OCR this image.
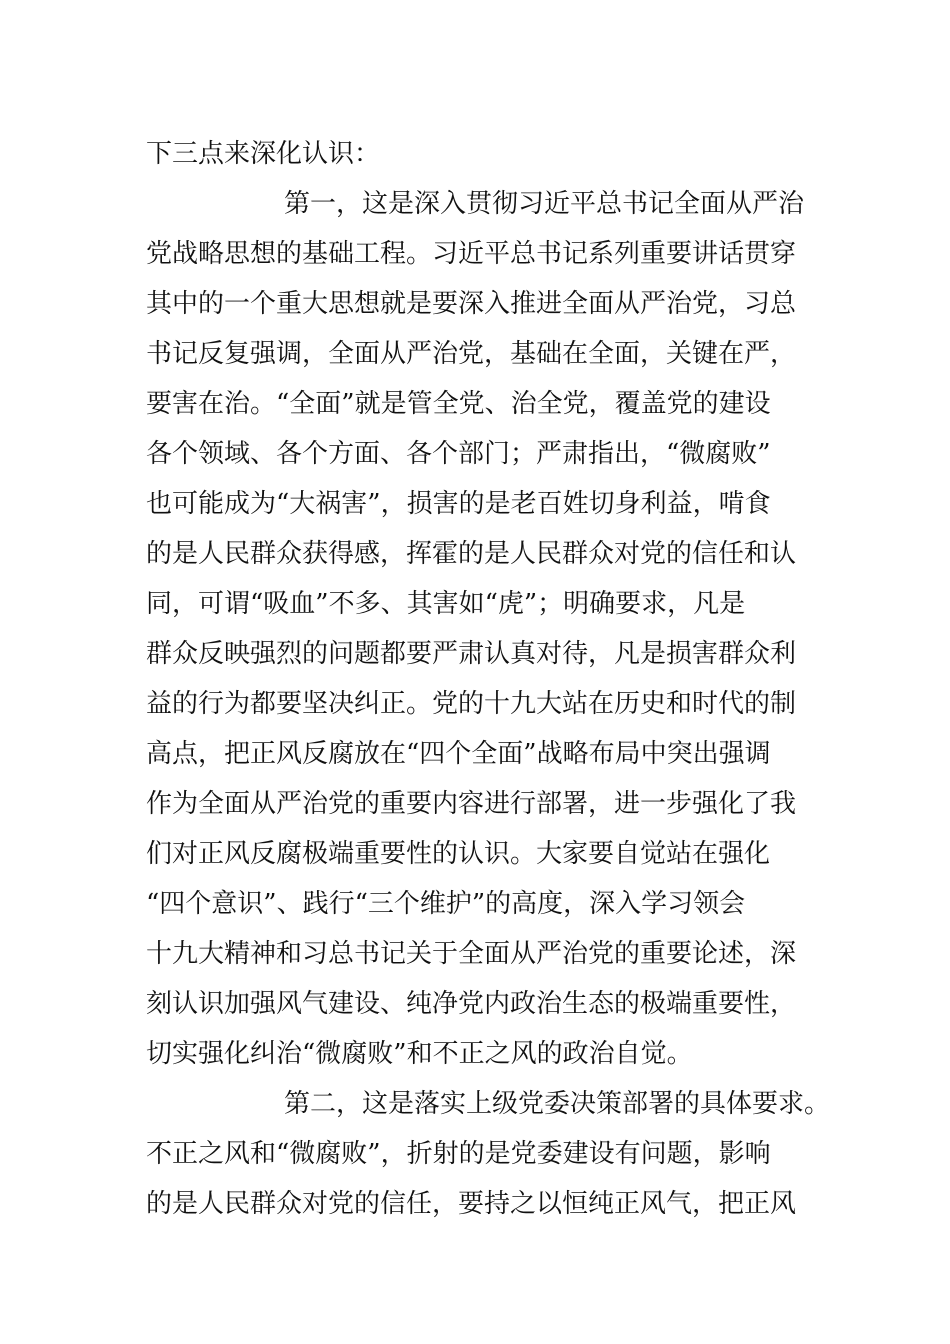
下三点来深化认识：
第一，这是深入贯彻习近平总书记全面从严治
党战略思想的基础工程。习近平总书记系列重要讲话贯穿
其中的一个重大思想就是要深入推进全面从严治党，习总
书记反复强调，全面从严治党，基础在全面，关键在严，
要害在治。“全面”就是管全党、治全党，覆盖党的建设
各个领域、各个方面、各个部门；严肃指出，“微腐败”
也可能成为“大祸害”，损害的是老百姓切身利益，啃食
的是人民群众获得感，挥霍的是人民群众对党的信任和认
同，可谓“吸血”不多、其害如“虎”；明确要求，凡是
群众反映强烈的问题都要严肃认真对待，凡是损害群众利
益的行为都要坚决纠正。党的十九大站在历史和时代的制
高点，把正风反腐放在“四个全面”战略布局中突出强调
作为全面从严治党的重要内容进行部署，进一步强化了我
们对正风反腐极端重要性的认识。大家要自觉站在强化
“四个意识”、践行“三个维护”的高度，深入学习领会
十九大精神和习总书记关于全面从严治党的重要论述，深
刻认识加强风气建设、纯净党内政治生态的极端重要性，
切实强化纠治“微腐败”和不正之风的政治自觉。
第二，这是落实上级党委决策部署的具体要求。
不正之风和“微腐败”，折射的是党委建设有问题，影响
的是人民群众对党的信任，要持之以恒纯正风气，把正风
